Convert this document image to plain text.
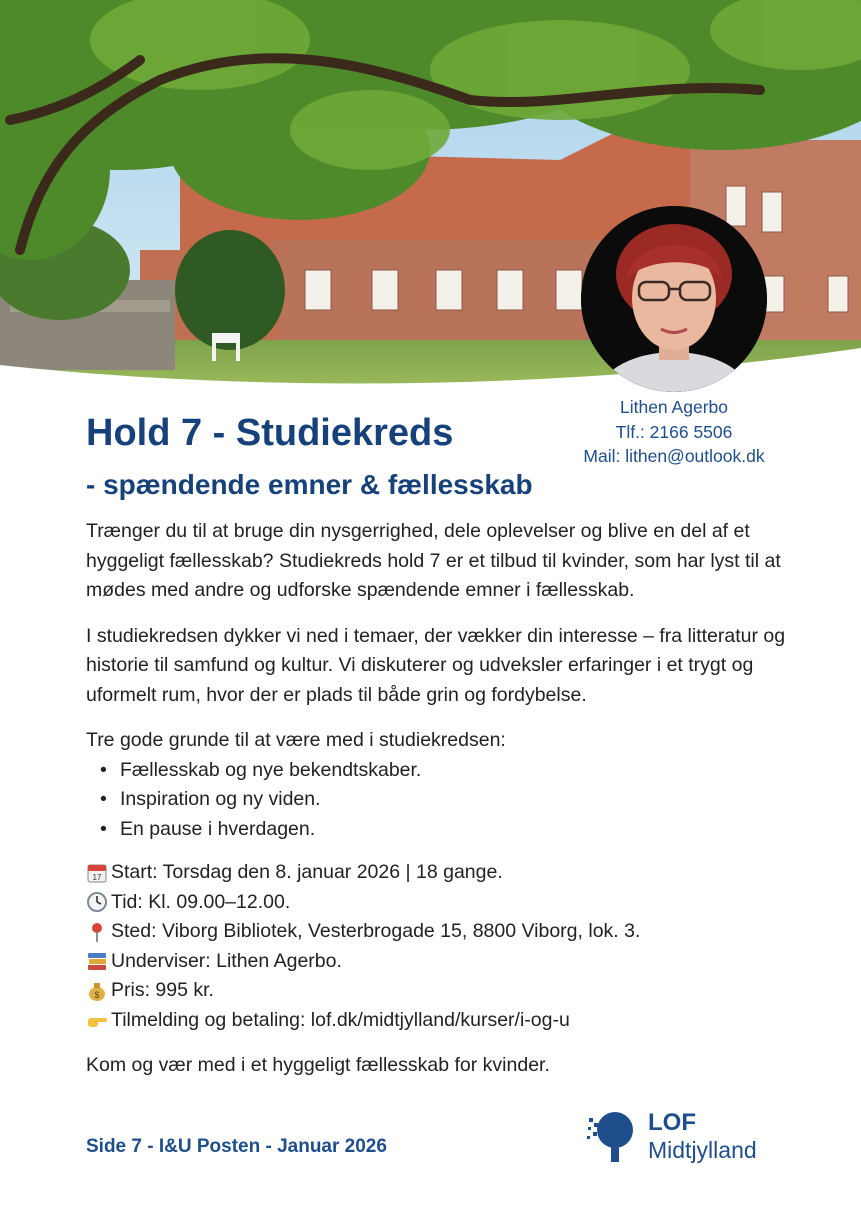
Lithen Agerbo
Tlf.: 2166 5506
Mail: lithen@outlook.dk
Hold 7 - Studiekreds
- spændende emner & fællesskab

Trænger du til at bruge din nysgerrighed, dele oplevelser og blive en del af et hyggeligt fællesskab? Studiekreds hold 7 er et tilbud til kvinder, som har lyst til at mødes med andre og udforske spændende emner i fællesskab.

I studiekredsen dykker vi ned i temaer, der vækker din interesse – fra litteratur og historie til samfund og kultur. Vi diskuterer og udveksler erfaringer i et trygt og uformelt rum, hvor der er plads til både grin og fordybelse.

Tre gode grunde til at være med i studiekredsen:
• Fællesskab og nye bekendtskaber.
• Inspiration og ny viden.
• En pause i hverdagen.
17 Start: Torsdag den 8. januar 2026 | 18 gange.
Tid: Kl. 09.00–12.00.
Sted: Viborg Bibliotek, Vesterbrogade 15, 8800 Viborg, lok. 3.
Underviser: Lithen Agerbo.
$ Pris: 995 kr.
Tilmelding og betaling: lof.dk/midtjylland/kurser/i-og-u

Kom og vær med i et hyggeligt fællesskab for kvinder.

Side 7 - I&U Posten - Januar 2026
LOF
Midtjylland
